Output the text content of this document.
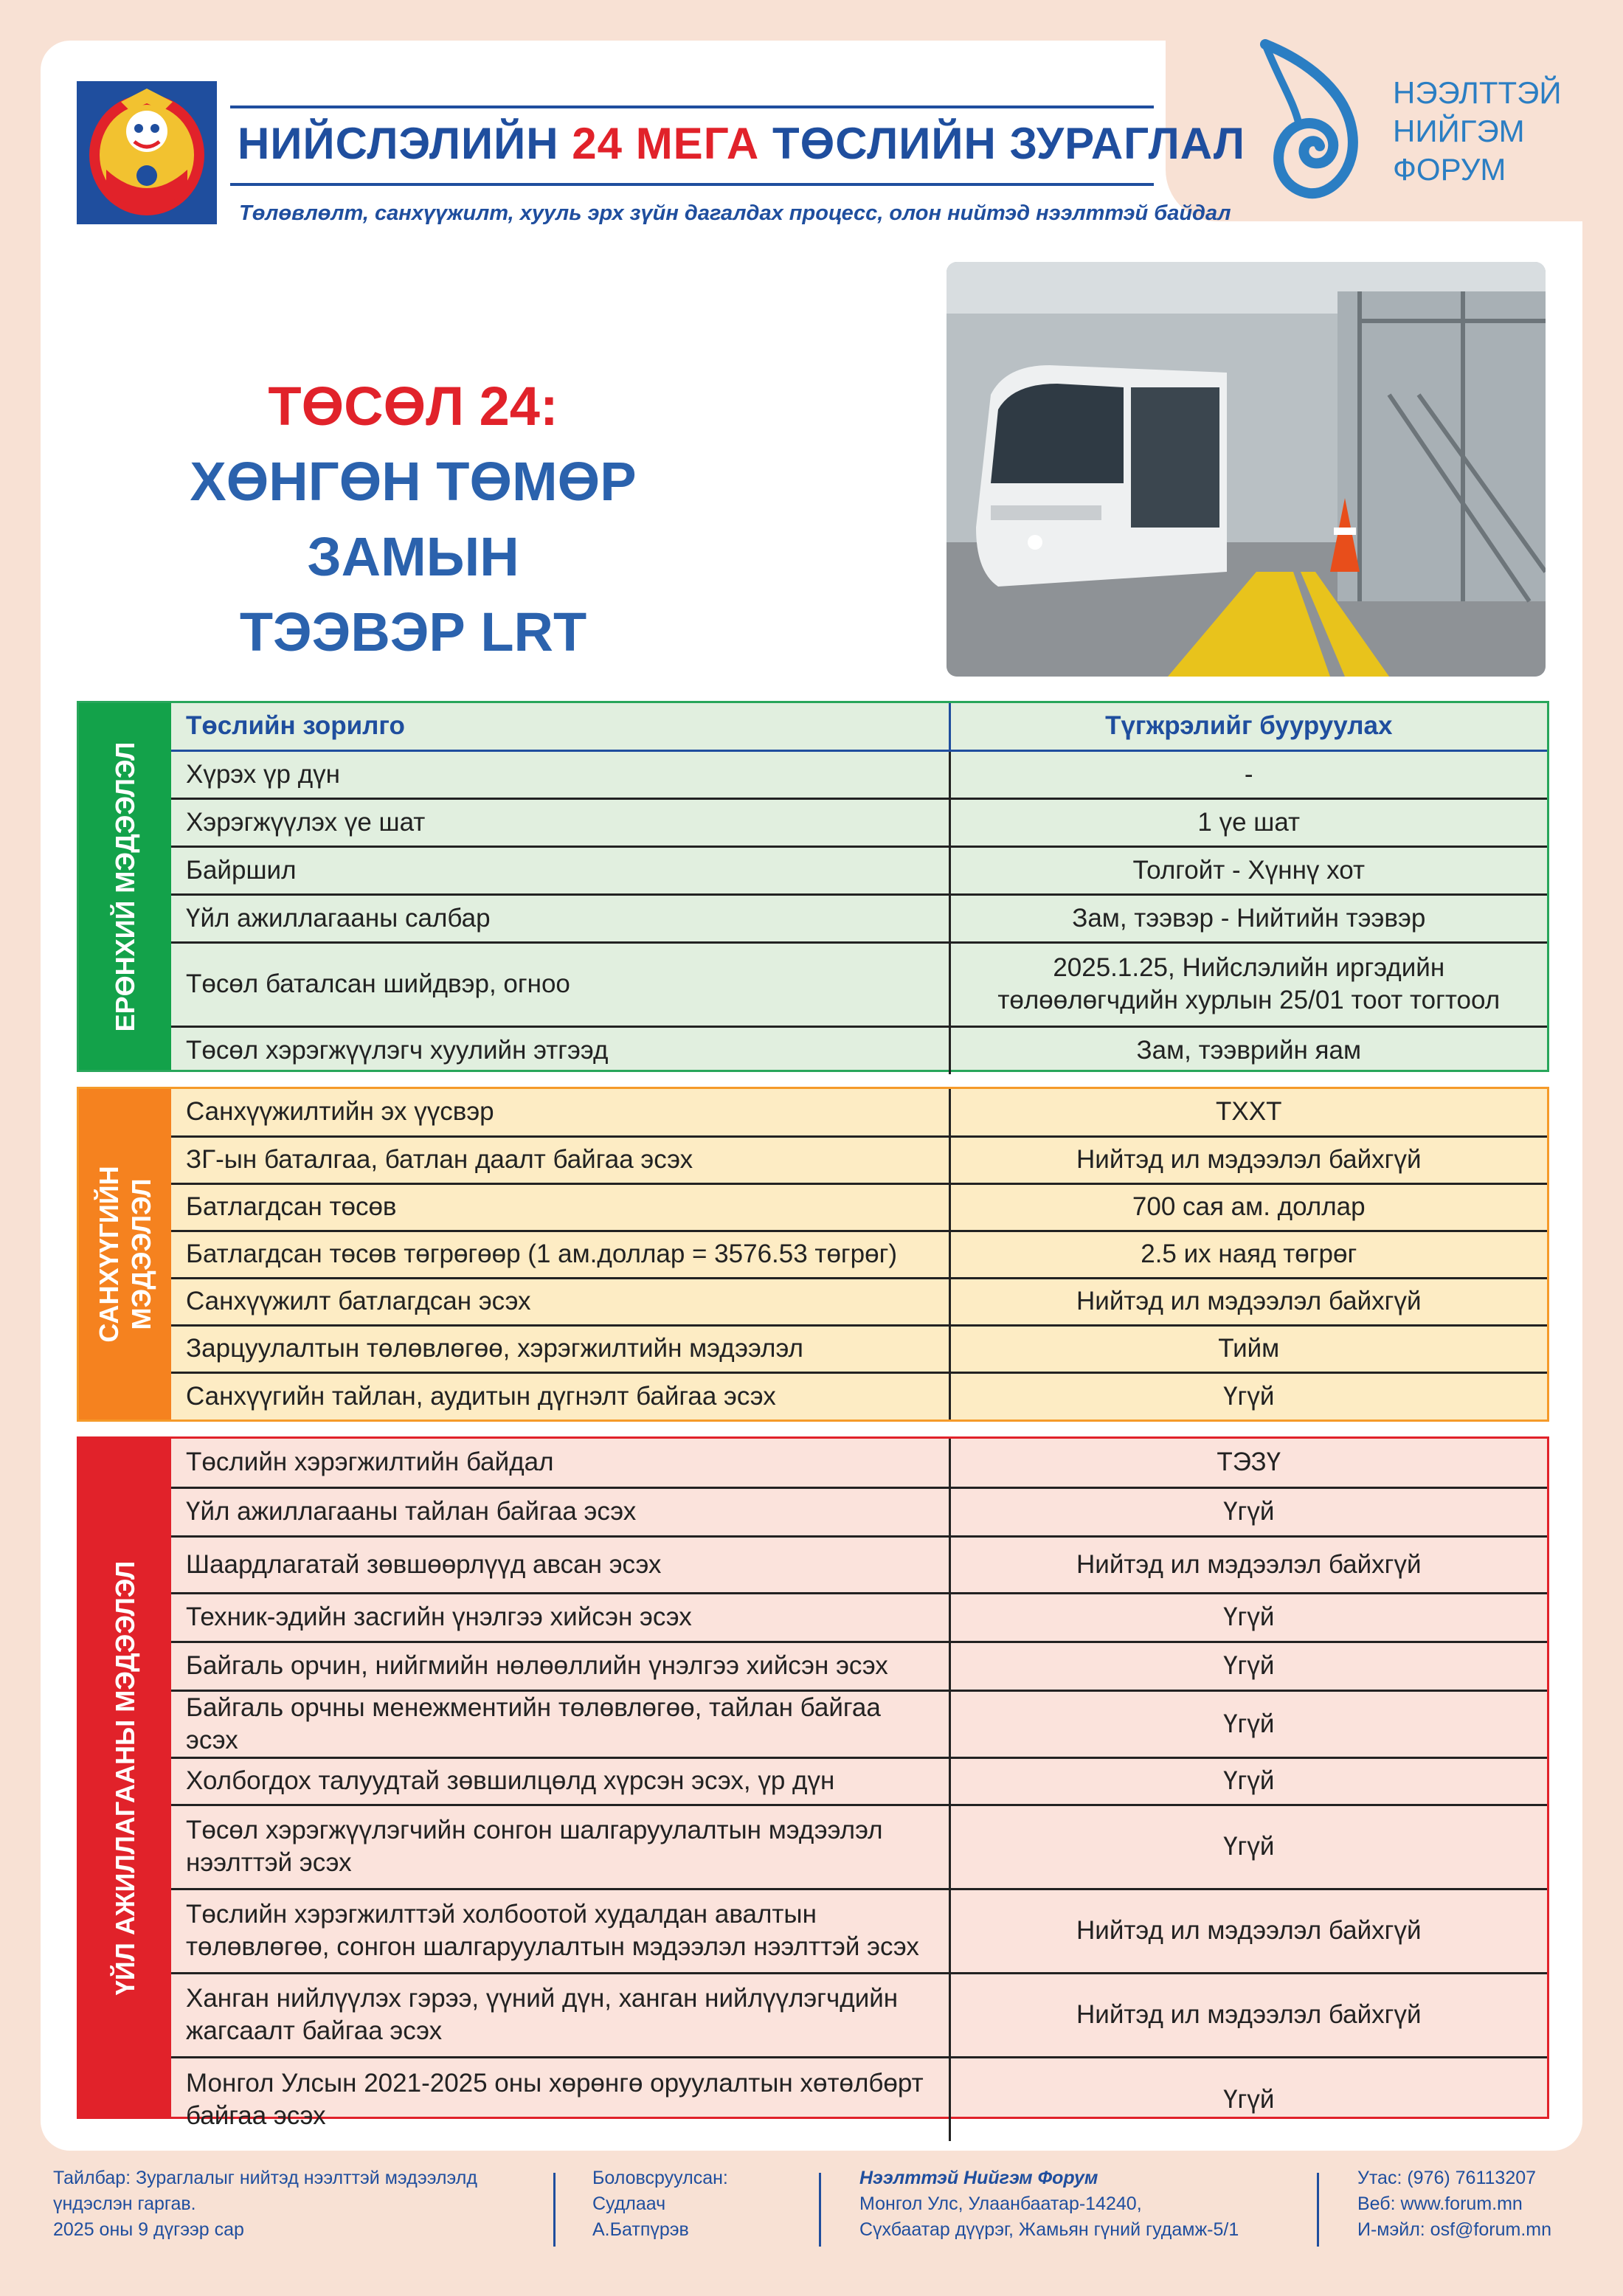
НИЙСЛЭЛИЙН 24 МЕГА ТӨСЛИЙН ЗУРАГЛАЛ
Төлөвлөлт, санхүүжилт, хууль эрх зүйн дагалдах процесс, олон нийтэд нээлттэй байдал
НЭЭЛТТЭЙ
НИЙГЭМ
ФОРУМ
ТӨСӨЛ 24:
ХӨНГӨН ТӨМӨР ЗАМЫН
ТЭЭВЭР LRT
ЕРӨНХИЙ МЭДЭЭЛЭЛ
Төслийн зорилго	Түгжрэлийг бууруулах
Хүрэх үр дүн	-
Хэрэгжүүлэх үе шат	1 үе шат
Байршил	Толгойт - Хүннү хот
Үйл ажиллагааны салбар	Зам, тээвэр - Нийтийн тээвэр
Төсөл баталсан шийдвэр, огноо	2025.1.25, Нийслэлийн иргэдийн төлөөлөгчдийн хурлын 25/01 тоот тогтоол
Төсөл хэрэгжүүлэгч хуулийн этгээд	Зам, тээврийн яам
САНХҮҮГИЙН МЭДЭЭЛЭЛ
Санхүүжилтийн эх үүсвэр	ТХХТ
ЗГ-ын баталгаа, батлан даалт байгаа эсэх	Нийтэд ил мэдээлэл байхгүй
Батлагдсан төсөв	700 сая ам. доллар
Батлагдсан төсөв төгрөгөөр (1 ам.доллар = 3576.53 төгрөг)	2.5 их наяд төгрөг
Санхүүжилт батлагдсан эсэх	Нийтэд ил мэдээлэл байхгүй
Зарцуулалтын төлөвлөгөө, хэрэгжилтийн мэдээлэл	Тийм
Санхүүгийн тайлан, аудитын дүгнэлт байгаа эсэх	Үгүй
ҮЙЛ АЖИЛЛАГААНЫ МЭДЭЭЛЭЛ
Төслийн хэрэгжилтийн байдал	ТЭЗҮ
Үйл ажиллагааны тайлан байгаа эсэх	Үгүй
Шаардлагатай зөвшөөрлүүд авсан эсэх	Нийтэд ил мэдээлэл байхгүй
Техник-эдийн засгийн үнэлгээ хийсэн эсэх	Үгүй
Байгаль орчин, нийгмийн нөлөөллийн үнэлгээ хийсэн эсэх	Үгүй
Байгаль орчны менежментийн төлөвлөгөө, тайлан байгаа эсэх	Үгүй
Холбогдох талуудтай зөвшилцөлд хүрсэн эсэх, үр дүн	Үгүй
Төсөл хэрэгжүүлэгчийн сонгон шалгаруулалтын мэдээлэл нээлттэй эсэх	Үгүй
Төслийн хэрэгжилттэй холбоотой худалдан авалтын төлөвлөгөө, сонгон шалгаруулалтын мэдээлэл нээлттэй эсэх	Нийтэд ил мэдээлэл байхгүй
Ханган нийлүүлэх гэрээ, үүний дүн, ханган нийлүүлэгчдийн жагсаалт байгаа эсэх	Нийтэд ил мэдээлэл байхгүй
Монгол Улсын 2021-2025 оны хөрөнгө оруулалтын хөтөлбөрт байгаа эсэх	Үгүй
Тайлбар: Зураглалыг нийтэд нээлттэй мэдээлэлд
үндэслэн гаргав.
2025 оны 9 дүгээр сар
Боловсруулсан:
Судлаач
А.Батпүрэв
Нээлттэй Нийгэм Форум
Монгол Улс, Улаанбаатар-14240,
Сүхбаатар дүүрэг, Жамьян гүний гудамж-5/1
Утас: (976) 76113207
Веб: www.forum.mn
И-мэйл: osf@forum.mn
